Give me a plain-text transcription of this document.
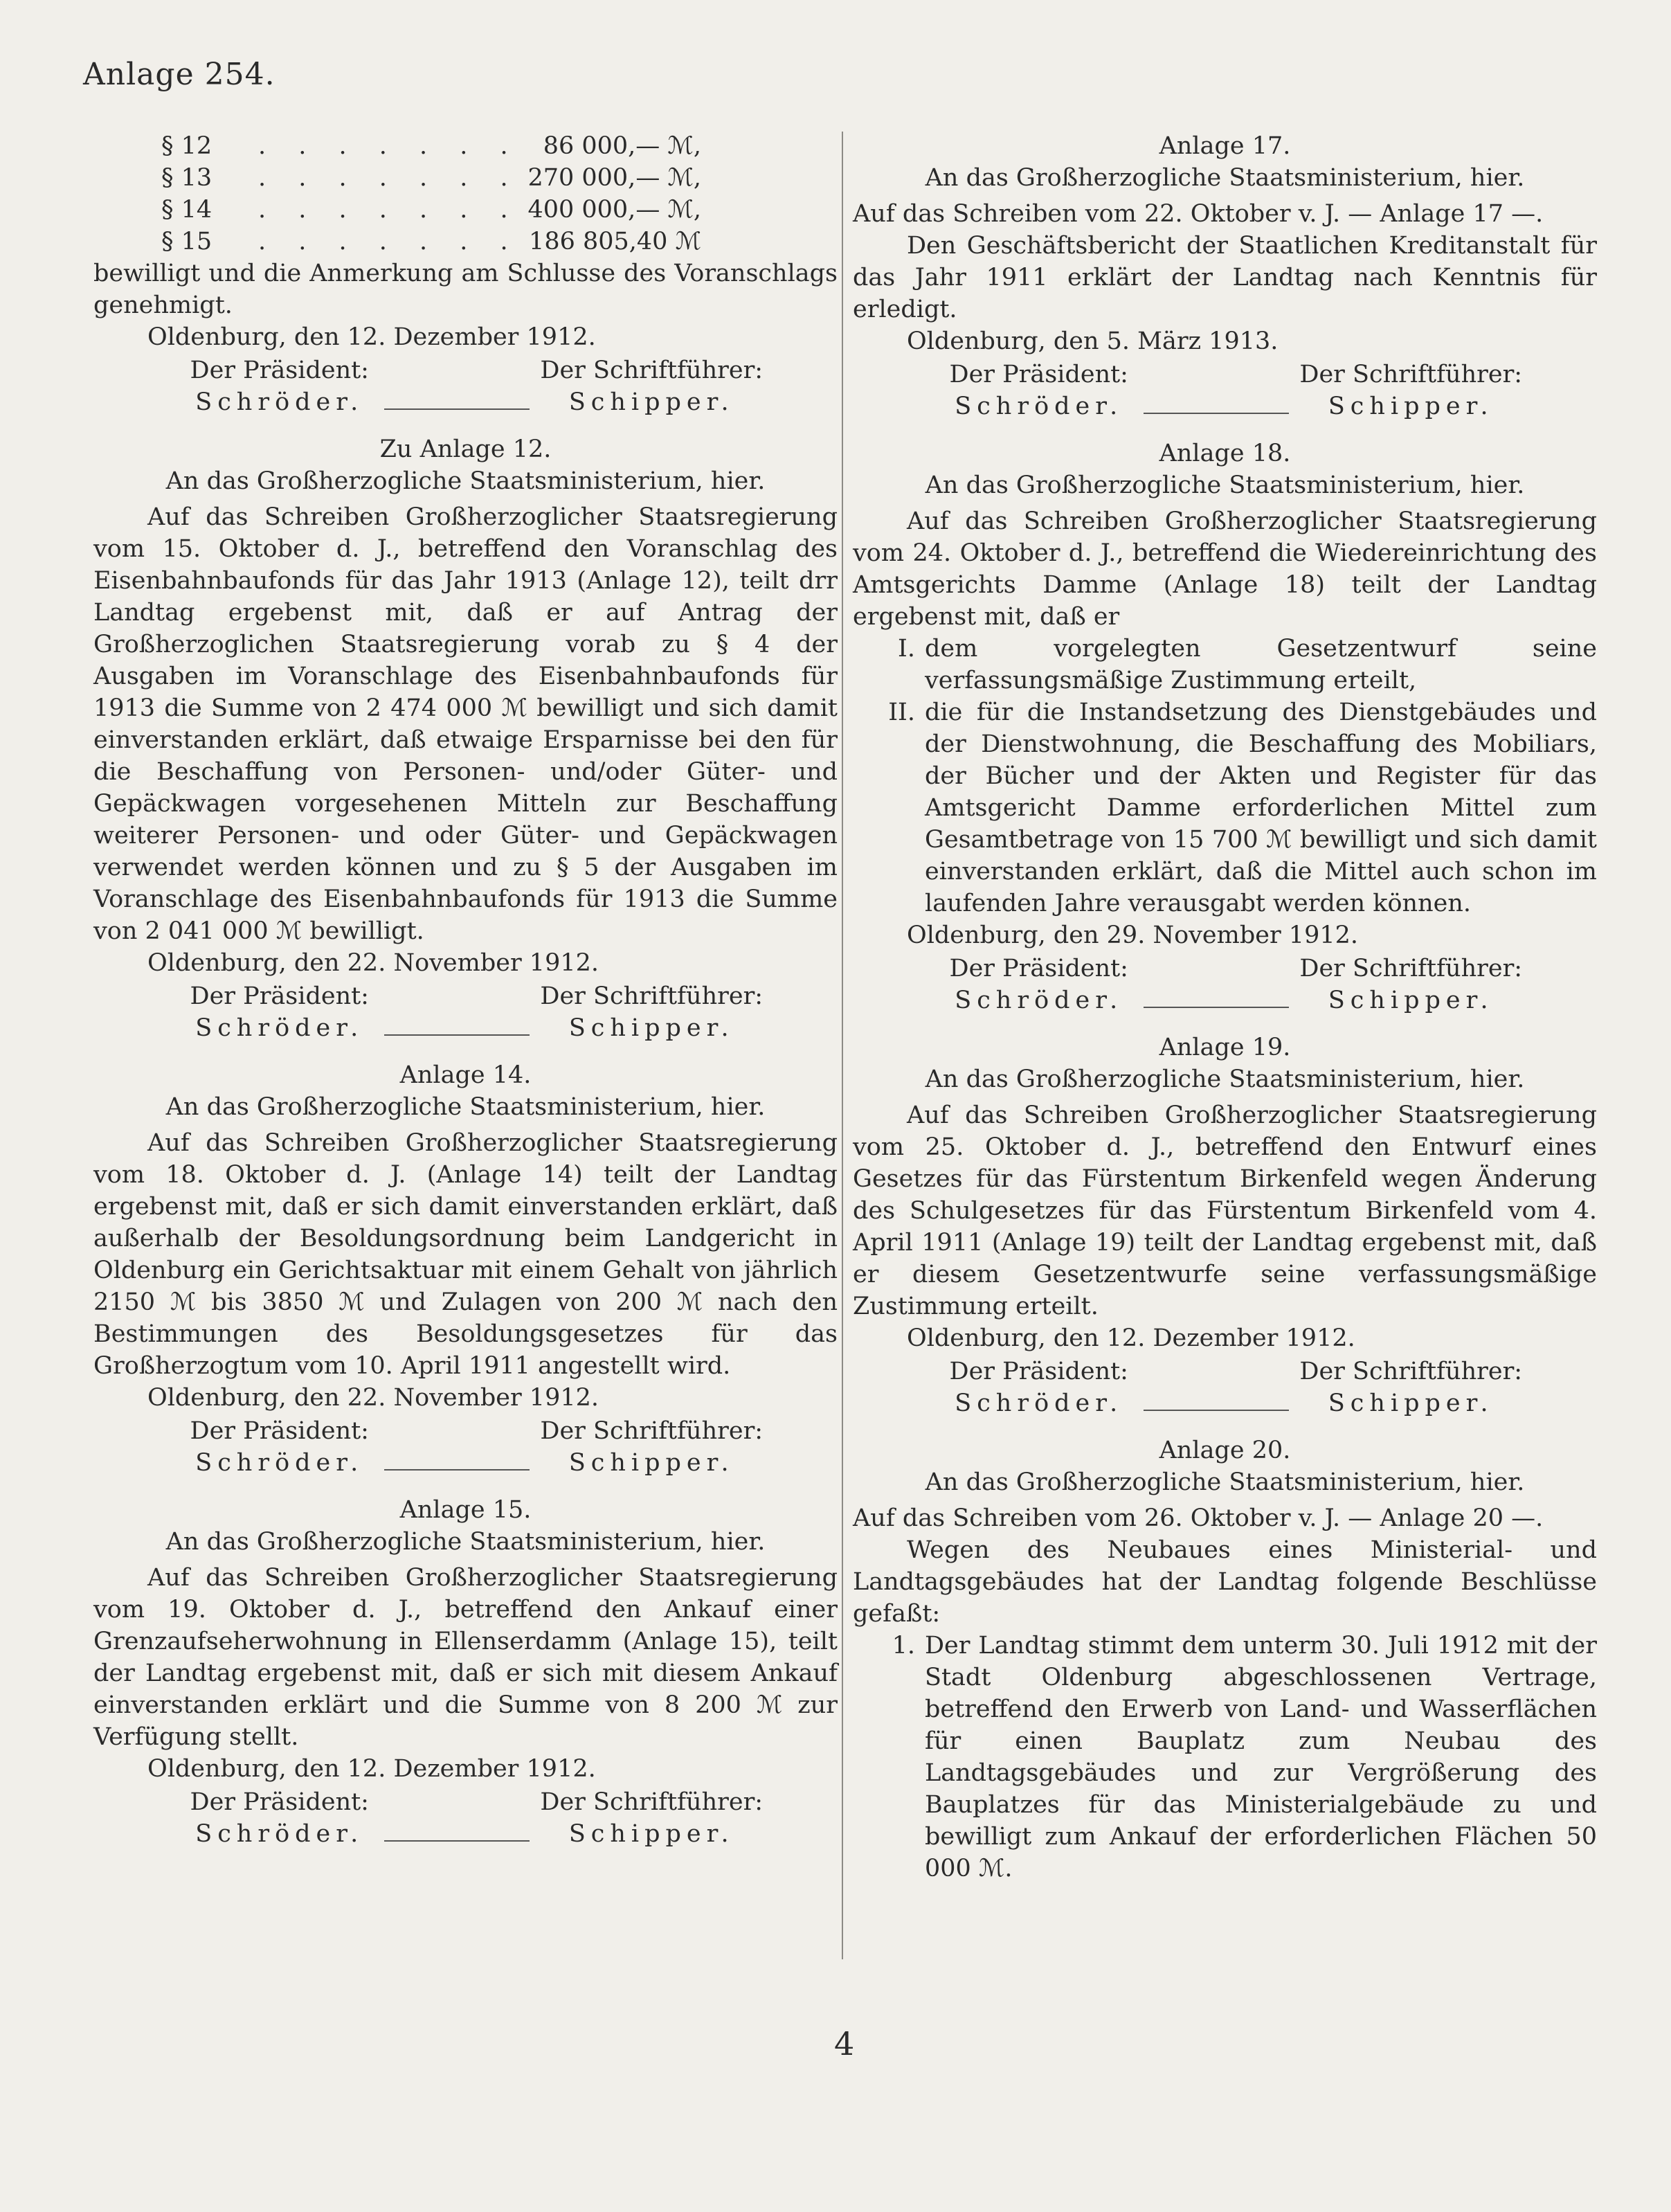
Anlage 254.
§ 12	. . . . . . . 86 000,— ℳ,
§ 13	. . . . . . . 270 000,— ℳ,
§ 14	. . . . . . . 400 000,— ℳ,
§ 15	. . . . . . . 186 805,40 ℳ

bewilligt und die Anmerkung am Schlusse des Voranschlags genehmigt.

Oldenburg, den 12. Dezember 1912.

Der Präsident:	Der Schriftführer:
Schröder.	Schipper.
Zu Anlage 12.
An das Großherzogliche Staatsministerium, hier.

Auf das Schreiben Großherzoglicher Staatsregierung vom 15. Oktober d. J., betreffend den Voranschlag des Eisenbahnbaufonds für das Jahr 1913 (Anlage 12), teilt drr Landtag ergebenst mit, daß er auf Antrag der Großherzoglichen Staatsregierung vorab zu § 4 der Ausgaben im Voranschlage des Eisenbahnbaufonds für 1913 die Summe von 2 474 000 ℳ bewilligt und sich damit einverstanden erklärt, daß etwaige Ersparnisse bei den für die Beschaffung von Personen- und/oder Güter- und Gepäckwagen vorgesehenen Mitteln zur Beschaffung weiterer Personen- und oder Güter- und Gepäckwagen verwendet werden können und zu § 5 der Ausgaben im Voranschlage des Eisenbahnbaufonds für 1913 die Summe von 2 041 000 ℳ bewilligt.

Oldenburg, den 22. November 1912.

Der Präsident:	Der Schriftführer:
Schröder.	Schipper.
Anlage 14.
An das Großherzogliche Staatsministerium, hier.

Auf das Schreiben Großherzoglicher Staatsregierung vom 18. Oktober d. J. (Anlage 14) teilt der Landtag ergebenst mit, daß er sich damit einverstanden erklärt, daß außerhalb der Besoldungsordnung beim Landgericht in Oldenburg ein Gerichtsaktuar mit einem Gehalt von jährlich 2150 ℳ bis 3850 ℳ und Zulagen von 200 ℳ nach den Bestimmungen des Besoldungsgesetzes für das Großherzogtum vom 10. April 1911 angestellt wird.

Oldenburg, den 22. November 1912.

Der Präsident:	Der Schriftführer:
Schröder.	Schipper.
Anlage 15.
An das Großherzogliche Staatsministerium, hier.

Auf das Schreiben Großherzoglicher Staatsregierung vom 19. Oktober d. J., betreffend den Ankauf einer Grenzaufseherwohnung in Ellenserdamm (Anlage 15), teilt der Landtag ergebenst mit, daß er sich mit diesem Ankauf einverstanden erklärt und die Summe von 8 200 ℳ zur Verfügung stellt.

Oldenburg, den 12. Dezember 1912.

Der Präsident:	Der Schriftführer:
Schröder.	Schipper.
Anlage 17.
An das Großherzogliche Staatsministerium, hier.

Auf das Schreiben vom 22. Oktober v. J. — Anlage 17 —.

Den Geschäftsbericht der Staatlichen Kreditanstalt für das Jahr 1911 erklärt der Landtag nach Kenntnis für erledigt.

Oldenburg, den 5. März 1913.

Der Präsident:	Der Schriftführer:
Schröder.	Schipper.
Anlage 18.
An das Großherzogliche Staatsministerium, hier.

Auf das Schreiben Großherzoglicher Staatsregierung vom 24. Oktober d. J., betreffend die Wiedereinrichtung des Amtsgerichts Damme (Anlage 18) teilt der Landtag ergebenst mit, daß er

I. dem vorgelegten Gesetzentwurf seine verfassungsmäßige Zustimmung erteilt,
II. die für die Instandsetzung des Dienstgebäudes und der Dienstwohnung, die Beschaffung des Mobiliars, der Bücher und der Akten und Register für das Amtsgericht Damme erforderlichen Mittel zum Gesamtbetrage von 15 700 ℳ bewilligt und sich damit einverstanden erklärt, daß die Mittel auch schon im laufenden Jahre verausgabt werden können.

Oldenburg, den 29. November 1912.

Der Präsident:	Der Schriftführer:
Schröder.	Schipper.
Anlage 19.
An das Großherzogliche Staatsministerium, hier.

Auf das Schreiben Großherzoglicher Staatsregierung vom 25. Oktober d. J., betreffend den Entwurf eines Gesetzes für das Fürstentum Birkenfeld wegen Änderung des Schulgesetzes für das Fürstentum Birkenfeld vom 4. April 1911 (Anlage 19) teilt der Landtag ergebenst mit, daß er diesem Gesetzentwurfe seine verfassungsmäßige Zustimmung erteilt.

Oldenburg, den 12. Dezember 1912.

Der Präsident:	Der Schriftführer:
Schröder.	Schipper.
Anlage 20.
An das Großherzogliche Staatsministerium, hier.

Auf das Schreiben vom 26. Oktober v. J. — Anlage 20 —.

Wegen des Neubaues eines Ministerial- und Landtagsgebäudes hat der Landtag folgende Beschlüsse gefaßt:

1. Der Landtag stimmt dem unterm 30. Juli 1912 mit der Stadt Oldenburg abgeschlossenen Vertrage, betreffend den Erwerb von Land- und Wasserflächen für einen Bauplatz zum Neubau des Landtagsgebäudes und zur Vergrößerung des Bauplatzes für das Ministerialgebäude zu und bewilligt zum Ankauf der erforderlichen Flächen 50 000 ℳ.
4
